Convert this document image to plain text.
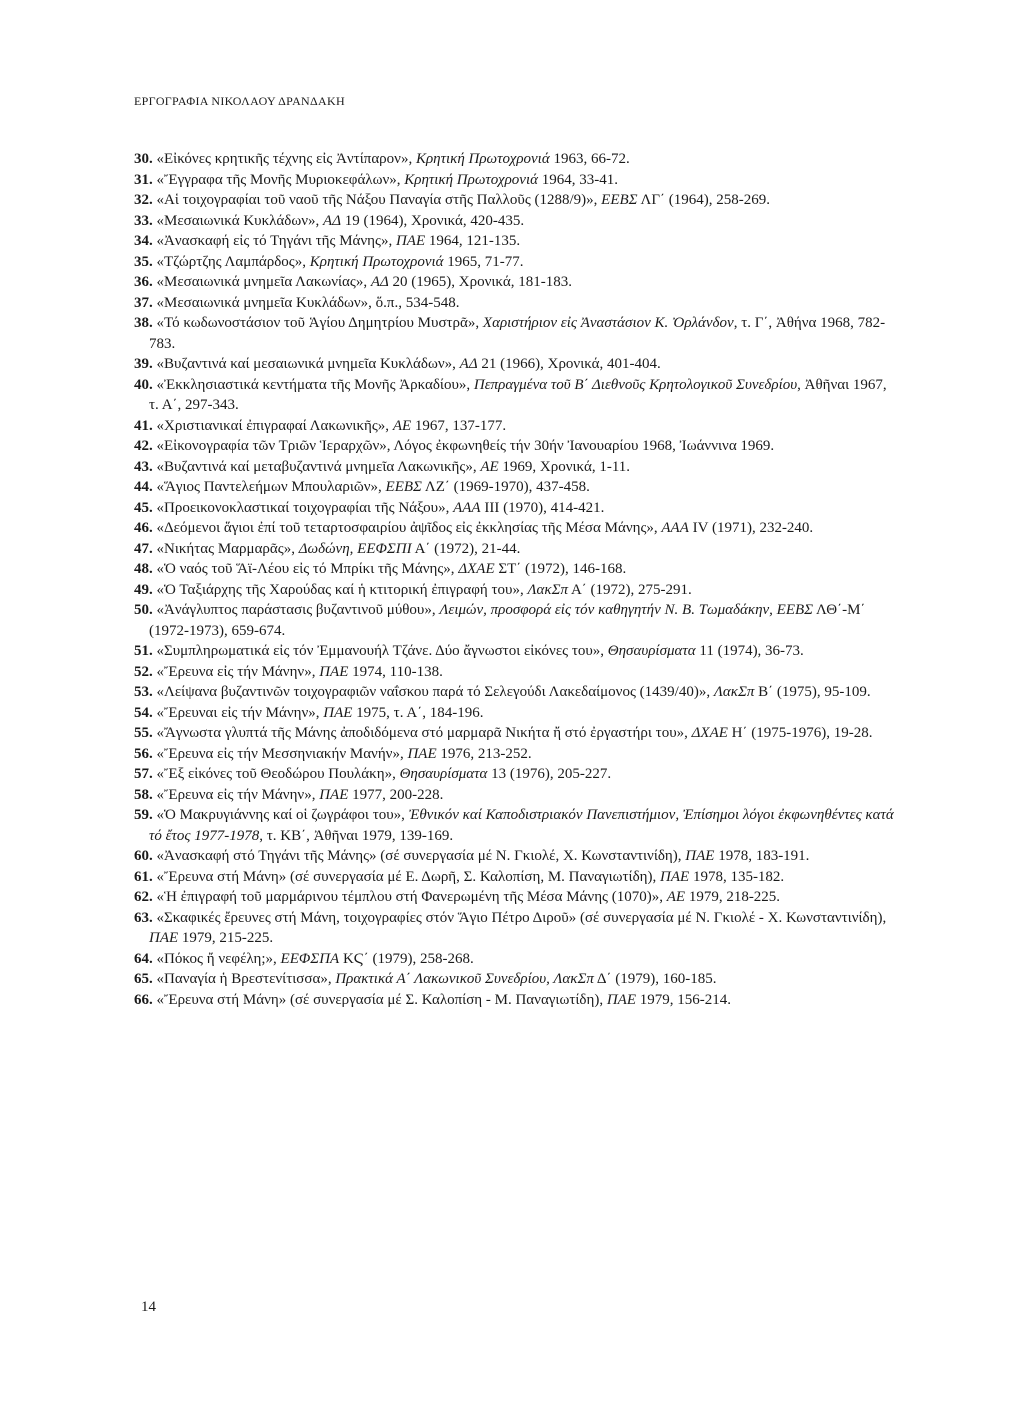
ΕΡΓΟΓΡΑΦΙΑ ΝΙΚΟΛΑΟΥ ΔΡΑΝΔΑΚΗ
30. «Εἰκόνες κρητικῆς τέχνης εἰς Ἀντίπαρον», Κρητική Πρωτοχρονιά 1963, 66-72.
31. «Ἔγγραφα τῆς Μονῆς Μυριοκεφάλων», Κρητική Πρωτοχρονιά 1964, 33-41.
32. «Αἱ τοιχογραφίαι τοῦ ναοῦ τῆς Νάξου Παναγία στῆς Παλλοῦς (1288/9)», ΕΕΒΣ ΛΓ΄ (1964), 258-269.
33. «Μεσαιωνικά Κυκλάδων», ΑΔ 19 (1964), Χρονικά, 420-435.
34. «Ἀνασκαφή εἰς τό Τηγάνι τῆς Μάνης», ΠΑΕ 1964, 121-135.
35. «Τζώρτζης Λαμπάρδος», Κρητική Πρωτοχρονιά 1965, 71-77.
36. «Μεσαιωνικά μνημεῖα Λακωνίας», ΑΔ 20 (1965), Χρονικά, 181-183.
37. «Μεσαιωνικά μνημεῖα Κυκλάδων», ὅ.π., 534-548.
38. «Τό κωδωνοστάσιον τοῦ Ἁγίου Δημητρίου Μυστρᾶ», Χαριστήριον εἰς Ἀναστάσιον Κ. Ὀρλάνδον, τ. Γ΄, Ἀθήνα 1968, 782-783.
39. «Βυζαντινά καί μεσαιωνικά μνημεῖα Κυκλάδων», ΑΔ 21 (1966), Χρονικά, 401-404.
40. «Ἐκκλησιαστικά κεντήματα τῆς Μονῆς Ἀρκαδίου», Πεπραγμένα τοῦ Β΄ Διεθνοῦς Κρητολογικοῦ Συνεδρίου, Ἀθῆναι 1967, τ. Α΄, 297-343.
41. «Χριστιανικαί ἐπιγραφαί Λακωνικῆς», ΑΕ 1967, 137-177.
42. «Εἰκονογραφία τῶν Τριῶν Ἱεραρχῶν», Λόγος ἐκφωνηθείς τήν 30ήν Ἰανουαρίου 1968, Ἰωάννινα 1969.
43. «Βυζαντινά καί μεταβυζαντινά μνημεῖα Λακωνικῆς», ΑΕ 1969, Χρονικά, 1-11.
44. «Ἅγιος Παντελεήμων Μπουλαριῶν», ΕΕΒΣ ΛΖ΄ (1969-1970), 437-458.
45. «Προεικονοκλαστικαί τοιχογραφίαι τῆς Νάξου», ΑΑΑ III (1970), 414-421.
46. «Δεόμενοι ἅγιοι ἐπί τοῦ τεταρτοσφαιρίου ἀψῖδος εἰς ἐκκλησίας τῆς Μέσα Μάνης», ΑΑΑ IV (1971), 232-240.
47. «Νικήτας Μαρμαρᾶς», Δωδώνη, ΕΕΦΣΠΙ Α΄ (1972), 21-44.
48. «Ὁ ναός τοῦ Ἅϊ-Λέου εἰς τό Μπρίκι τῆς Μάνης», ΔΧΑΕ ΣΤ΄ (1972), 146-168.
49. «Ὁ Ταξιάρχης τῆς Χαρούδας καί ἡ κτιτορική ἐπιγραφή του», ΛακΣπ Α΄ (1972), 275-291.
50. «Ἀνάγλυπτος παράστασις βυζαντινοῦ μύθου», Λειμών, προσφορά εἰς τόν καθηγητήν Ν. Β. Τωμαδάκην, ΕΕΒΣ ΛΘ΄-Μ΄ (1972-1973), 659-674.
51. «Συμπληρωματικά εἰς τόν Ἐμμανουήλ Τζάνε. Δύο ἄγνωστοι εἰκόνες του», Θησαυρίσματα 11 (1974), 36-73.
52. «Ἔρευνα εἰς τήν Μάνην», ΠΑΕ 1974, 110-138.
53. «Λείψανα βυζαντινῶν τοιχογραφιῶν ναΐσκου παρά τό Σελεγούδι Λακεδαίμονος (1439/40)», ΛακΣπ Β΄ (1975), 95-109.
54. «Ἔρευναι εἰς τήν Μάνην», ΠΑΕ 1975, τ. Α΄, 184-196.
55. «Ἄγνωστα γλυπτά τῆς Μάνης ἀποδιδόμενα στό μαρμαρᾶ Νικήτα ἤ στό ἐργαστήρι του», ΔΧΑΕ Η΄ (1975-1976), 19-28.
56. «Ἔρευνα εἰς τήν Μεσσηνιακήν Μανήν», ΠΑΕ 1976, 213-252.
57. «Ἔξ εἰκόνες τοῦ Θεοδώρου Πουλάκη», Θησαυρίσματα 13 (1976), 205-227.
58. «Ἔρευνα εἰς τήν Μάνην», ΠΑΕ 1977, 200-228.
59. «Ὁ Μακρυγιάννης καί οἱ ζωγράφοι του», Ἐθνικόν καί Καποδιστριακόν Πανεπιστήμιον, Ἐπίσημοι λόγοι ἐκφωνηθέντες κατά τό ἔτος 1977-1978, τ. ΚΒ΄, Ἀθῆναι 1979, 139-169.
60. «Ἀνασκαφή στό Τηγάνι τῆς Μάνης» (σέ συνεργασία μέ Ν. Γκιολέ, Χ. Κωνσταντινίδη), ΠΑΕ 1978, 183-191.
61. «Ἔρευνα στή Μάνη» (σέ συνεργασία μέ Ε. Δωρῆ, Σ. Καλοπίση, Μ. Παναγιωτίδη), ΠΑΕ 1978, 135-182.
62. «Ἡ ἐπιγραφή τοῦ μαρμάρινου τέμπλου στή Φανερωμένη τῆς Μέσα Μάνης (1070)», ΑΕ 1979, 218-225.
63. «Σκαφικές ἔρευνες στή Μάνη, τοιχογραφίες στόν Ἅγιο Πέτρο Διροῦ» (σέ συνεργασία μέ Ν. Γκιολέ - Χ. Κωνσταντινίδη), ΠΑΕ 1979, 215-225.
64. «Πόκος ἤ νεφέλη;», ΕΕΦΣΠΑ ΚϚ΄ (1979), 258-268.
65. «Παναγία ἡ Βρεστενίτισσα», Πρακτικά Α΄ Λακωνικοῦ Συνεδρίου, ΛακΣπ Δ΄ (1979), 160-185.
66. «Ἔρευνα στή Μάνη» (σέ συνεργασία μέ Σ. Καλοπίση - Μ. Παναγιωτίδη), ΠΑΕ 1979, 156-214.
14
